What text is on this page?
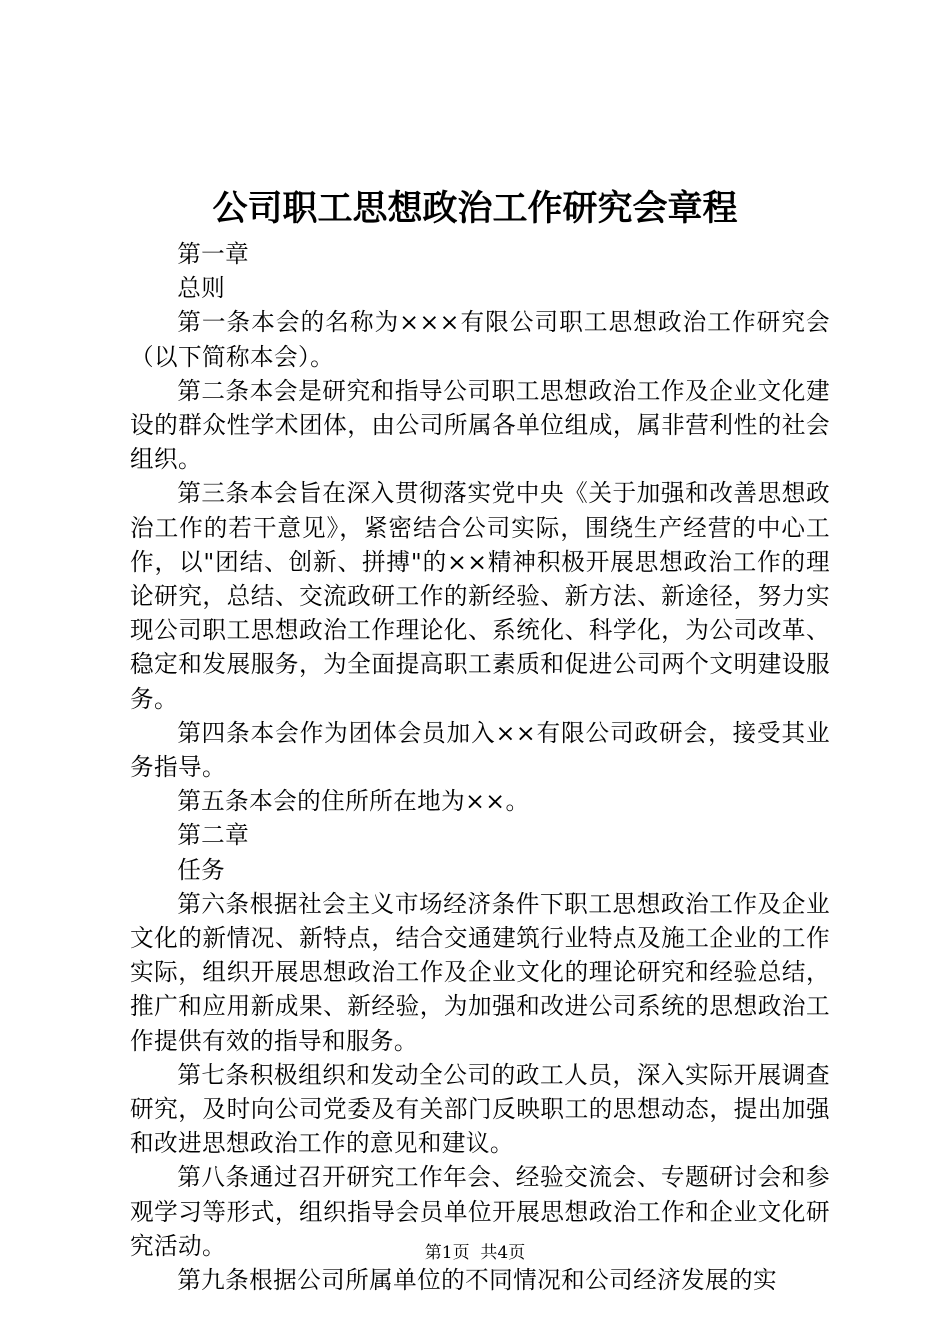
公司职工思想政治工作研究会章程

第一章

总则

第一条本会的名称为×××有限公司职工思想政治工作研究会（以下简称本会）。

第二条本会是研究和指导公司职工思想政治工作及企业文化建设的群众性学术团体，由公司所属各单位组成，属非营利性的社会组织。

第三条本会旨在深入贯彻落实党中央《关于加强和改善思想政治工作的若干意见》，紧密结合公司实际，围绕生产经营的中心工作，以"团结、创新、拼搏"的××精神积极开展思想政治工作的理论研究，总结、交流政研工作的新经验、新方法、新途径，努力实现公司职工思想政治工作理论化、系统化、科学化，为公司改革、稳定和发展服务，为全面提高职工素质和促进公司两个文明建设服务。

第四条本会作为团体会员加入××有限公司政研会，接受其业务指导。

第五条本会的住所所在地为××。

第二章

任务

第六条根据社会主义市场经济条件下职工思想政治工作及企业文化的新情况、新特点，结合交通建筑行业特点及施工企业的工作实际，组织开展思想政治工作及企业文化的理论研究和经验总结，推广和应用新成果、新经验，为加强和改进公司系统的思想政治工作提供有效的指导和服务。

第七条积极组织和发动全公司的政工人员，深入实际开展调查研究，及时向公司党委及有关部门反映职工的思想动态，提出加强和改进思想政治工作的意见和建议。

第八条通过召开研究工作年会、经验交流会、专题研讨会和参观学习等形式，组织指导会员单位开展思想政治工作和企业文化研究活动。

第九条根据公司所属单位的不同情况和公司经济发展的实

第1页  共4页
